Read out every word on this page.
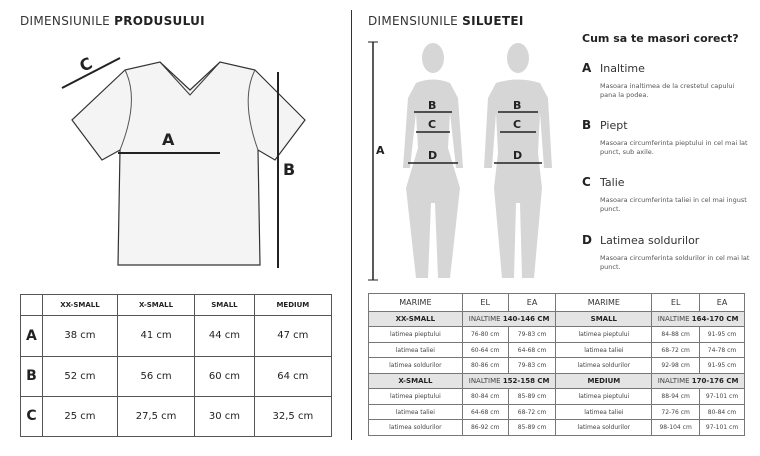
DIMENSIUNILE PRODUSULUI
C
A
B
	XX-SMALL	X-SMALL	SMALL	MEDIUM
A	38 cm	41 cm	44 cm	47 cm
B	52 cm	56 cm	60 cm	64 cm
C	25 cm	27,5 cm	30 cm	32,5 cm
DIMENSIUNILE SILUETEI
A
B
C
D
B
C
D
Cum sa te masori corect?
A Inaltime
Masoara inaltimea de la crestetul capului pana la podea.
B Piept
Masoara circumferinta pieptului in cel mai lat punct, sub axile.
C Talie
Masoara circumferinta taliei in cel mai ingust punct.
D Latimea soldurilor
Masoara circumferinta soldurilor in cel mai lat punct.
MARIME	EL	EA	MARIME	EL	EA
XX-SMALL	INALTIME 140-146 CM		SMALL	INALTIME 164-170 CM	
latimea pieptului	76-80 cm	79-83 cm	latimea pieptului	84-88 cm	91-95 cm
latimea taliei	60-64 cm	64-68 cm	latimea taliei	68-72 cm	74-78 cm
latimea soldurilor	80-86 cm	79-83 cm	latimea soldurilor	92-98 cm	91-95 cm
X-SMALL	INALTIME 152-158 CM		MEDIUM	INALTIME 170-176 CM	
latimea pieptului	80-84 cm	85-89 cm	latimea pieptului	88-94 cm	97-101 cm
latimea taliei	64-68 cm	68-72 cm	latimea taliei	72-76 cm	80-84 cm
latimea soldurilor	86-92 cm	85-89 cm	latimea soldurilor	98-104 cm	97-101 cm
